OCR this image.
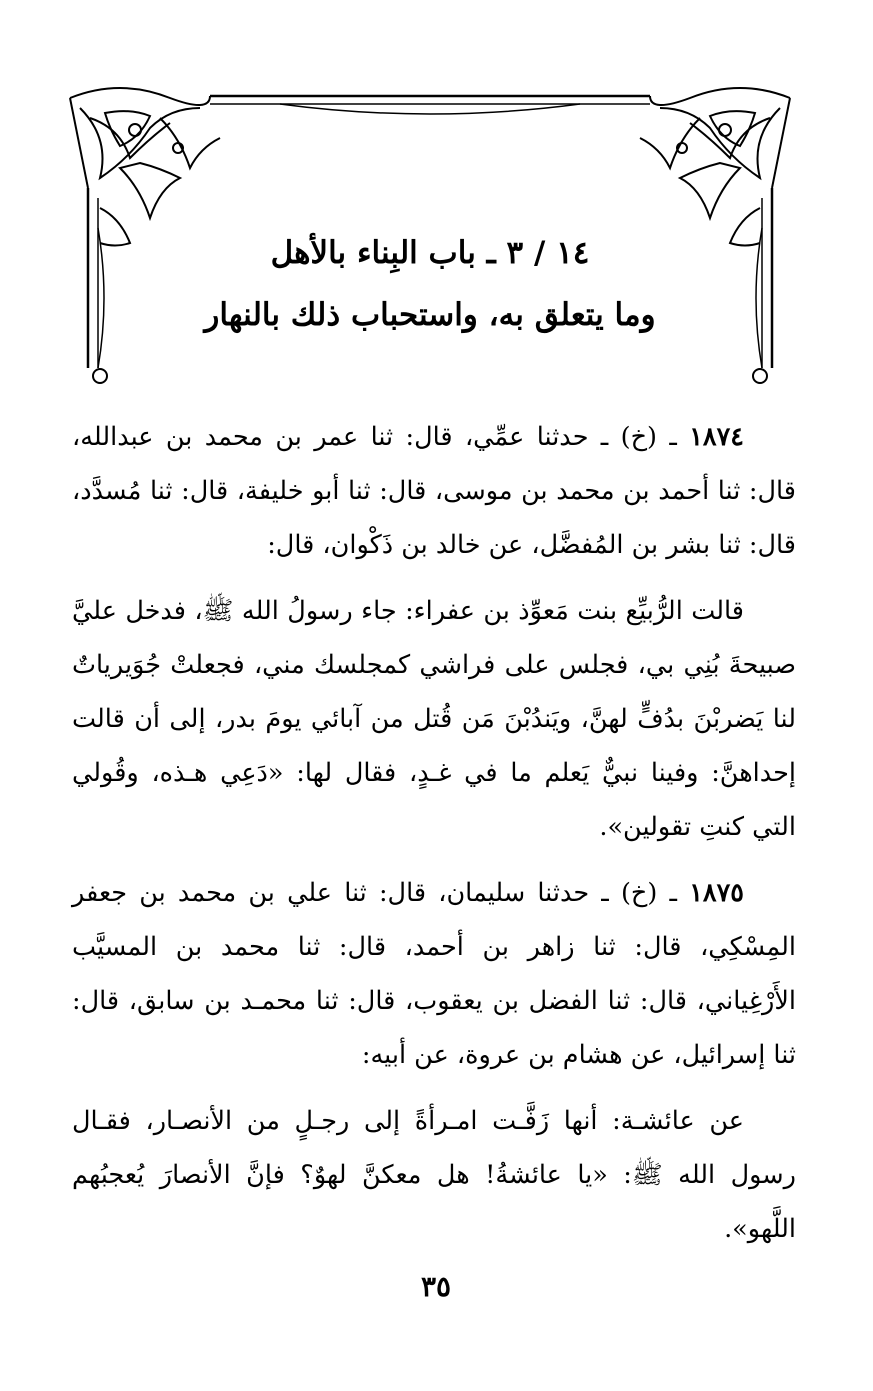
١٤ / ٣ ـ باب البِناء بالأهل
وما يتعلق به، واستحباب ذلك بالنهار

١٨٧٤ ـ (خ) ـ حدثنا عمِّي، قال: ثنا عمر بن محمد بن عبدالله، قال: ثنا أحمد بن محمد بن موسى، قال: ثنا أبو خليفة، قال: ثنا مُسدَّد، قال: ثنا بشر بن المُفضَّل، عن خالد بن ذَكْوان، قال:

قالت الرُّبيِّع بنت مَعوِّذ بن عفراء: جاء رسولُ الله ﷺ، فدخل عليَّ صبيحةَ بُنِي بي، فجلس على فراشي كمجلسك مني، فجعلتْ جُوَيرياتٌ لنا يَضربْنَ بدُفٍّ لهنَّ، ويَندُبْنَ مَن قُتل من آبائي يومَ بدر، إلى أن قالت إحداهنَّ: وفينا نبيٌّ يَعلم ما في غـدٍ، فقال لها: «دَعِي هـذه، وقُولي التي كنتِ تقولين».

١٨٧٥ ـ (خ) ـ حدثنا سليمان، قال: ثنا علي بن محمد بن جعفر المِسْكِي، قال: ثنا زاهر بن أحمد، قال: ثنا محمد بن المسيَّب الأَرْغِياني، قال: ثنا الفضل بن يعقوب، قال: ثنا محمـد بن سابق، قال: ثنا إسرائيل، عن هشام بن عروة، عن أبيه:

عن عائشـة: أنها زَفَّـت امـرأةً إلى رجـلٍ من الأنصـار، فقـال رسول الله ﷺ: «يا عائشةُ! هل معكنَّ لهوٌ؟ فإنَّ الأنصارَ يُعجبُهم اللَّهو».

٣٥
